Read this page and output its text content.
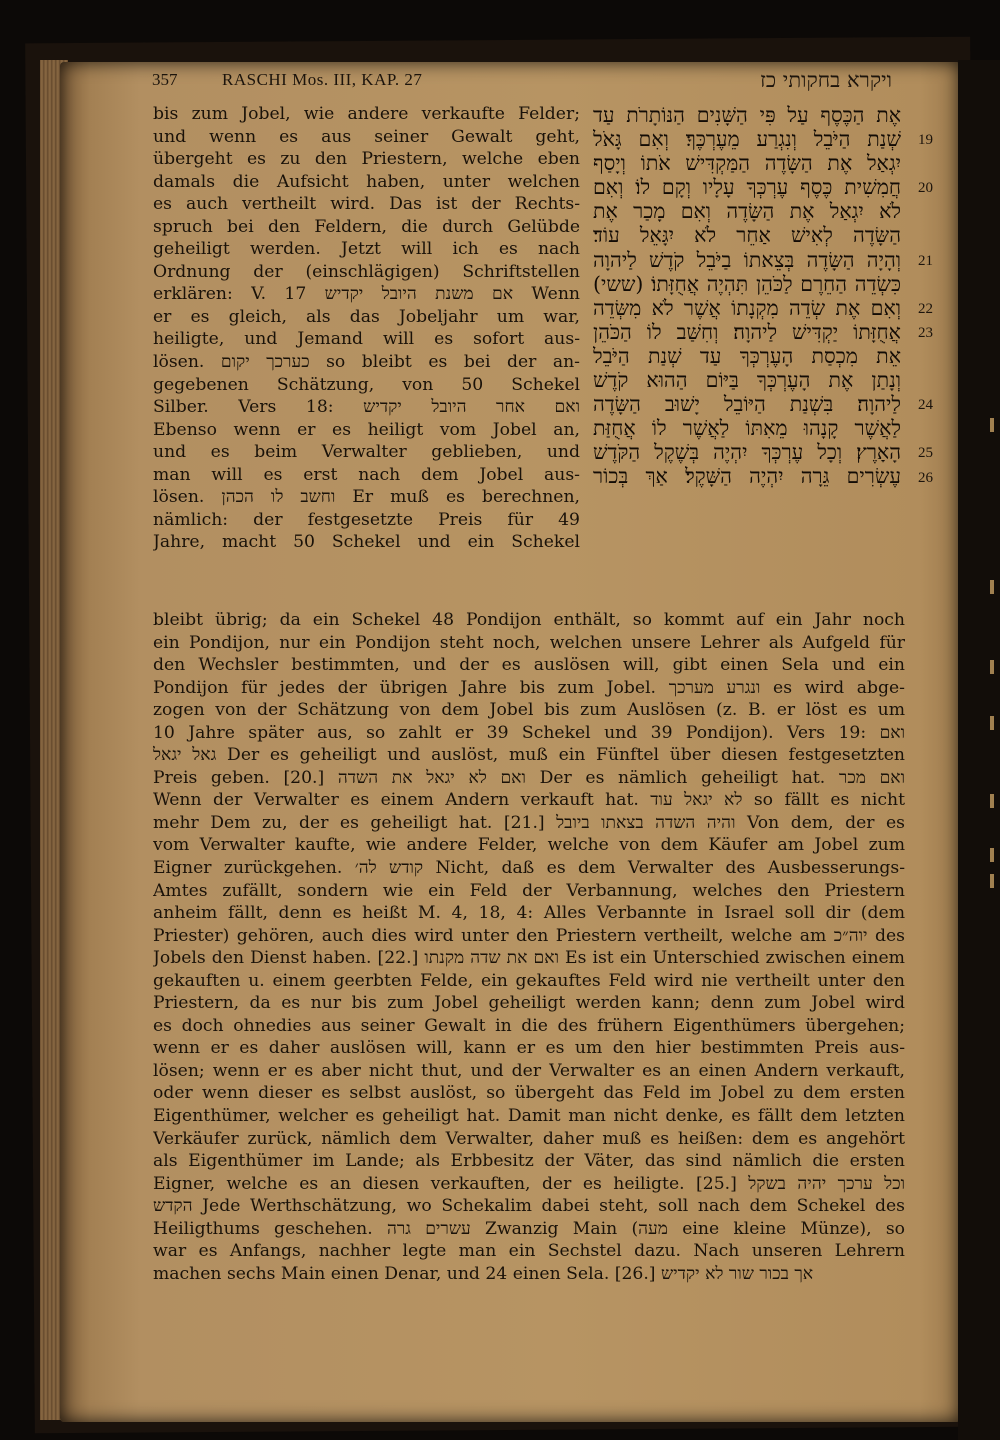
357	RASCHI Mos. III, KAP. 27	ויקרא בחקותי כז
bis zum Jobel, wie andere verkaufte Felder;
und wenn es aus seiner Gewalt geht,
übergeht es zu den Priestern, welche eben
damals die Aufsicht haben, unter welchen
es auch vertheilt wird. Das ist der Rechts-
spruch bei den Feldern, die durch Gelübde
geheiligt werden. Jetzt will ich es nach
Ordnung der (einschlägigen) Schriftstellen
erklären: V. 17 אם משנת היובל יקדיש Wenn
er es gleich, als das Jobeljahr um war,
heiligte, und Jemand will es sofort aus-
lösen. כערכך יקום so bleibt es bei der an-
gegebenen Schätzung, von 50 Schekel
Silber. Vers 18: ואם אחר היובל יקדיש
Ebenso wenn er es heiligt vom Jobel an,
und es beim Verwalter geblieben, und
man will es erst nach dem Jobel aus-
lösen. וחשב לו הכהן Er muß es berechnen,
nämlich: der festgesetzte Preis für 49
Jahre, macht 50 Schekel und ein Schekel
אֶת הַכֶּסֶף עַל פִּי הַשָּׁנִים הַנּוֹתָרֹת עַד
שְׁנַת הַיֹּבֵל וְנִגְרַע מֵעֶרְכֶּךָ׃ וְאִם גָּאֹל
יִגְאַל אֶת הַשָּׂדֶה הַמַּקְדִּישׁ אֹתוֹ וְיָסַף
חֲמִשִׁית כֶּסֶף עֶרְכְּךָ עָלָיו וְקָם לוֹ׃ וְאִם
לֹא יִגְאַל אֶת הַשָּׂדֶה וְאִם מָכַר אֶת
הַשָּׂדֶה לְאִישׁ אַחֵר לֹא יִגָּאֵל עוֹד׃
וְהָיָה הַשָּׂדֶה בְּצֵאתוֹ בַיֹּבֵל קֹדֶשׁ לַיהוָה
כִּשְׂדֵה הַחֵרֶם לַכֹּהֵן תִּהְיֶה אֲחֻזָּתוֹ׃ (ששי)
וְאִם אֶת שְׂדֵה מִקְנָתוֹ אֲשֶׁר לֹא מִשְּׂדֵה
אֲחֻזָּתוֹ יַקְדִּישׁ לַיהוָה׃ וְחִשַּׁב לוֹ הַכֹּהֵן
אֵת מִכְסַת הָעֶרְכְּךָ עַד שְׁנַת הַיֹּבֵל
וְנָתַן אֶת הָעֶרְכְּךָ בַּיּוֹם הַהוּא קֹדֶשׁ
לַיהוָה׃ בִּשְׁנַת הַיּוֹבֵל יָשׁוּב הַשָּׂדֶה
לַאֲשֶׁר קָנָהוּ מֵאִתּוֹ לַאֲשֶׁר לוֹ אֲחֻזַּת
הָאָרֶץ׃ וְכָל עֶרְכְּךָ יִהְיֶה בְּשֶׁקֶל הַקֹּדֶשׁ
עֶשְׂרִים גֵּרָה יִהְיֶה הַשָּׁקֶל׃ אַךְ בְּכוֹר
19
20
21
22
23
24
25
26
bleibt übrig; da ein Schekel 48 Pondijon enthält, so kommt auf ein Jahr noch
ein Pondijon, nur ein Pondijon steht noch, welchen unsere Lehrer als Aufgeld für
den Wechsler bestimmten, und der es auslösen will, gibt einen Sela und ein
Pondijon für jedes der übrigen Jahre bis zum Jobel. ונגרע מערכך es wird abge-
zogen von der Schätzung von dem Jobel bis zum Auslösen (z. B. er löst es um
10 Jahre später aus, so zahlt er 39 Schekel und 39 Pondijon). Vers 19: ואם
גאל יגאל Der es geheiligt und auslöst, muß ein Fünftel über diesen festgesetzten
Preis geben. [20.] ואם לא יגאל את השדה Der es nämlich geheiligt hat. ואם מכר
Wenn der Verwalter es einem Andern verkauft hat. לא יגאל עוד so fällt es nicht
mehr Dem zu, der es geheiligt hat. [21.] והיה השדה בצאתו ביובל Von dem, der es
vom Verwalter kaufte, wie andere Felder, welche von dem Käufer am Jobel zum
Eigner zurückgehen. קודש לה׳ Nicht, daß es dem Verwalter des Ausbesserungs-
Amtes zufällt, sondern wie ein Feld der Verbannung, welches den Priestern
anheim fällt, denn es heißt M. 4, 18, 4: Alles Verbannte in Israel soll dir (dem
Priester) gehören, auch dies wird unter den Priestern vertheilt, welche am יוה״כ des
Jobels den Dienst haben. [22.] ואם את שדה מקנתו Es ist ein Unterschied zwischen einem
gekauften u. einem geerbten Felde, ein gekauftes Feld wird nie vertheilt unter den
Priestern, da es nur bis zum Jobel geheiligt werden kann; denn zum Jobel wird
es doch ohnedies aus seiner Gewalt in die des frühern Eigenthümers übergehen;
wenn er es daher auslösen will, kann er es um den hier bestimmten Preis aus-
lösen; wenn er es aber nicht thut, und der Verwalter es an einen Andern verkauft,
oder wenn dieser es selbst auslöst, so übergeht das Feld im Jobel zu dem ersten
Eigenthümer, welcher es geheiligt hat. Damit man nicht denke, es fällt dem letzten
Verkäufer zurück, nämlich dem Verwalter, daher muß es heißen: dem es angehört
als Eigenthümer im Lande; als Erbbesitz der Väter, das sind nämlich die ersten
Eigner, welche es an diesen verkauften, der es heiligte. [25.] וכל ערכך יהיה בשקל
הקדש Jede Werthschätzung, wo Schekalim dabei steht, soll nach dem Schekel des
Heiligthums geschehen. עשרים גרה Zwanzig Main (מעה eine kleine Münze), so
war es Anfangs, nachher legte man ein Sechstel dazu. Nach unseren Lehrern
machen sechs Main einen Denar, und 24 einen Sela. [26.] אך בכור שור לא יקדיש
